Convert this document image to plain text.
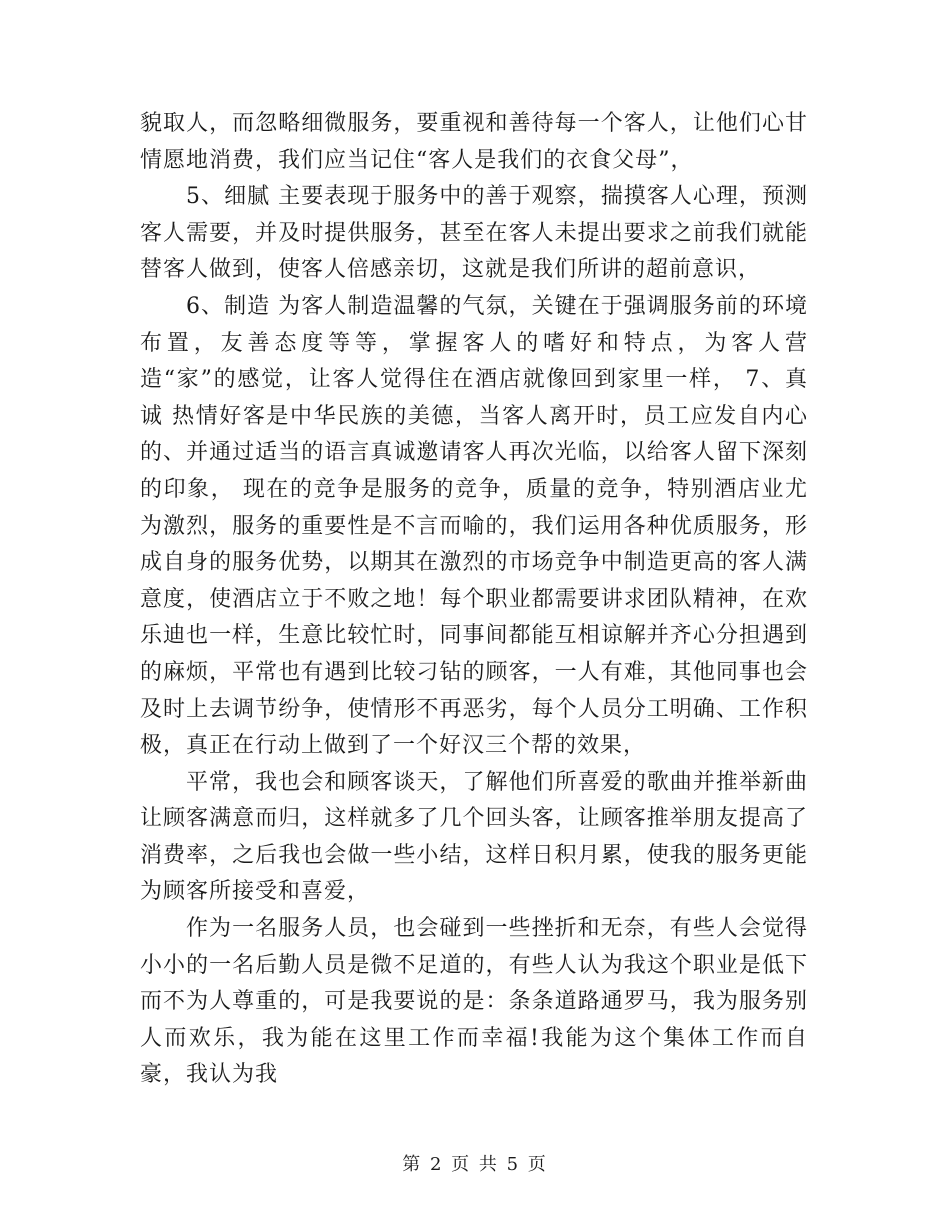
貌取人，而忽略细微服务，要重视和善待每一个客人，让他们心甘情愿地消费，我们应当记住“客人是我们的衣食父母”，

5、细腻 主要表现于服务中的善于观察，揣摸客人心理，预测客人需要，并及时提供服务，甚至在客人未提出要求之前我们就能替客人做到，使客人倍感亲切，这就是我们所讲的超前意识，

6、制造 为客人制造温馨的气氛，关键在于强调服务前的环境布置，友善态度等等，掌握客人的嗜好和特点，为客人营造“家”的感觉，让客人觉得住在酒店就像回到家里一样， 7、真诚 热情好客是中华民族的美德，当客人离开时，员工应发自内心的、并通过适当的语言真诚邀请客人再次光临，以给客人留下深刻的印象， 现在的竞争是服务的竞争，质量的竞争，特别酒店业尤为激烈，服务的重要性是不言而喻的，我们运用各种优质服务，形成自身的服务优势，以期其在激烈的市场竞争中制造更高的客人满意度，使酒店立于不败之地！每个职业都需要讲求团队精神，在欢乐迪也一样，生意比较忙时，同事间都能互相谅解并齐心分担遇到的麻烦，平常也有遇到比较刁钻的顾客，一人有难，其他同事也会及时上去调节纷争，使情形不再恶劣，每个人员分工明确、工作积极，真正在行动上做到了一个好汉三个帮的效果，

平常，我也会和顾客谈天，了解他们所喜爱的歌曲并推举新曲让顾客满意而归，这样就多了几个回头客，让顾客推举朋友提高了消费率，之后我也会做一些小结，这样日积月累，使我的服务更能为顾客所接受和喜爱，

作为一名服务人员，也会碰到一些挫折和无奈，有些人会觉得小小的一名后勤人员是微不足道的，有些人认为我这个职业是低下而不为人尊重的，可是我要说的是：条条道路通罗马，我为服务别人而欢乐，我为能在这里工作而幸福!我能为这个集体工作而自豪，我认为我

第 2 页 共 5 页
